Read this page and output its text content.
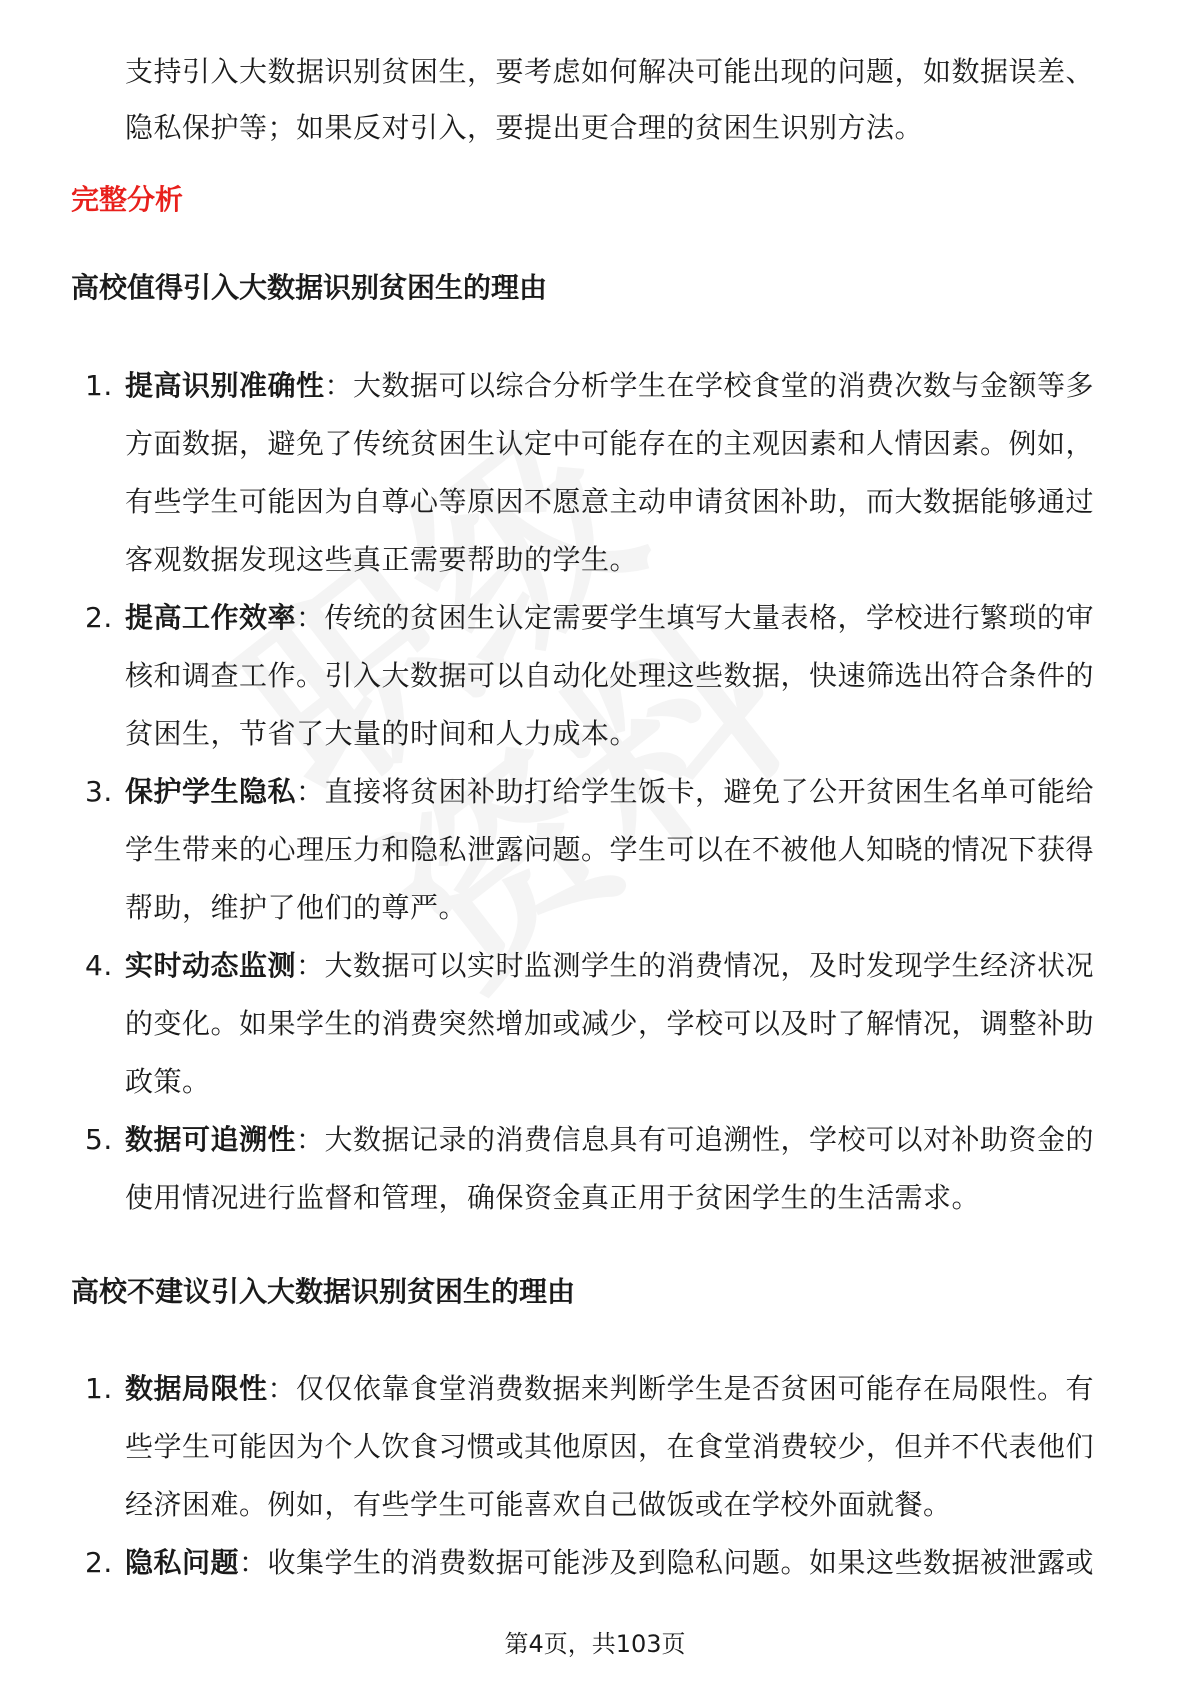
支持引入大数据识别贫困生，要考虑如何解决可能出现的问题，如数据误差、隐私保护等；如果反对引入，要提出更合理的贫困生识别方法。

完整分析
高校值得引入大数据识别贫困生的理由
1. 提高识别准确性：大数据可以综合分析学生在学校食堂的消费次数与金额等多方面数据，避免了传统贫困生认定中可能存在的主观因素和人情因素。例如，有些学生可能因为自尊心等原因不愿意主动申请贫困补助，而大数据能够通过客观数据发现这些真正需要帮助的学生。
2. 提高工作效率：传统的贫困生认定需要学生填写大量表格，学校进行繁琐的审核和调查工作。引入大数据可以自动化处理这些数据，快速筛选出符合条件的贫困生，节省了大量的时间和人力成本。
3. 保护学生隐私：直接将贫困补助打给学生饭卡，避免了公开贫困生名单可能给学生带来的心理压力和隐私泄露问题。学生可以在不被他人知晓的情况下获得帮助，维护了他们的尊严。
4. 实时动态监测：大数据可以实时监测学生的消费情况，及时发现学生经济状况的变化。如果学生的消费突然增加或减少，学校可以及时了解情况，调整补助政策。
5. 数据可追溯性：大数据记录的消费信息具有可追溯性，学校可以对补助资金的使用情况进行监督和管理，确保资金真正用于贫困学生的生活需求。
高校不建议引入大数据识别贫困生的理由
1. 数据局限性：仅仅依靠食堂消费数据来判断学生是否贫困可能存在局限性。有些学生可能因为个人饮食习惯或其他原因，在食堂消费较少，但并不代表他们经济困难。例如，有些学生可能喜欢自己做饭或在学校外面就餐。
2. 隐私问题：收集学生的消费数据可能涉及到隐私问题。如果这些数据被泄露或
第4页，共103页
